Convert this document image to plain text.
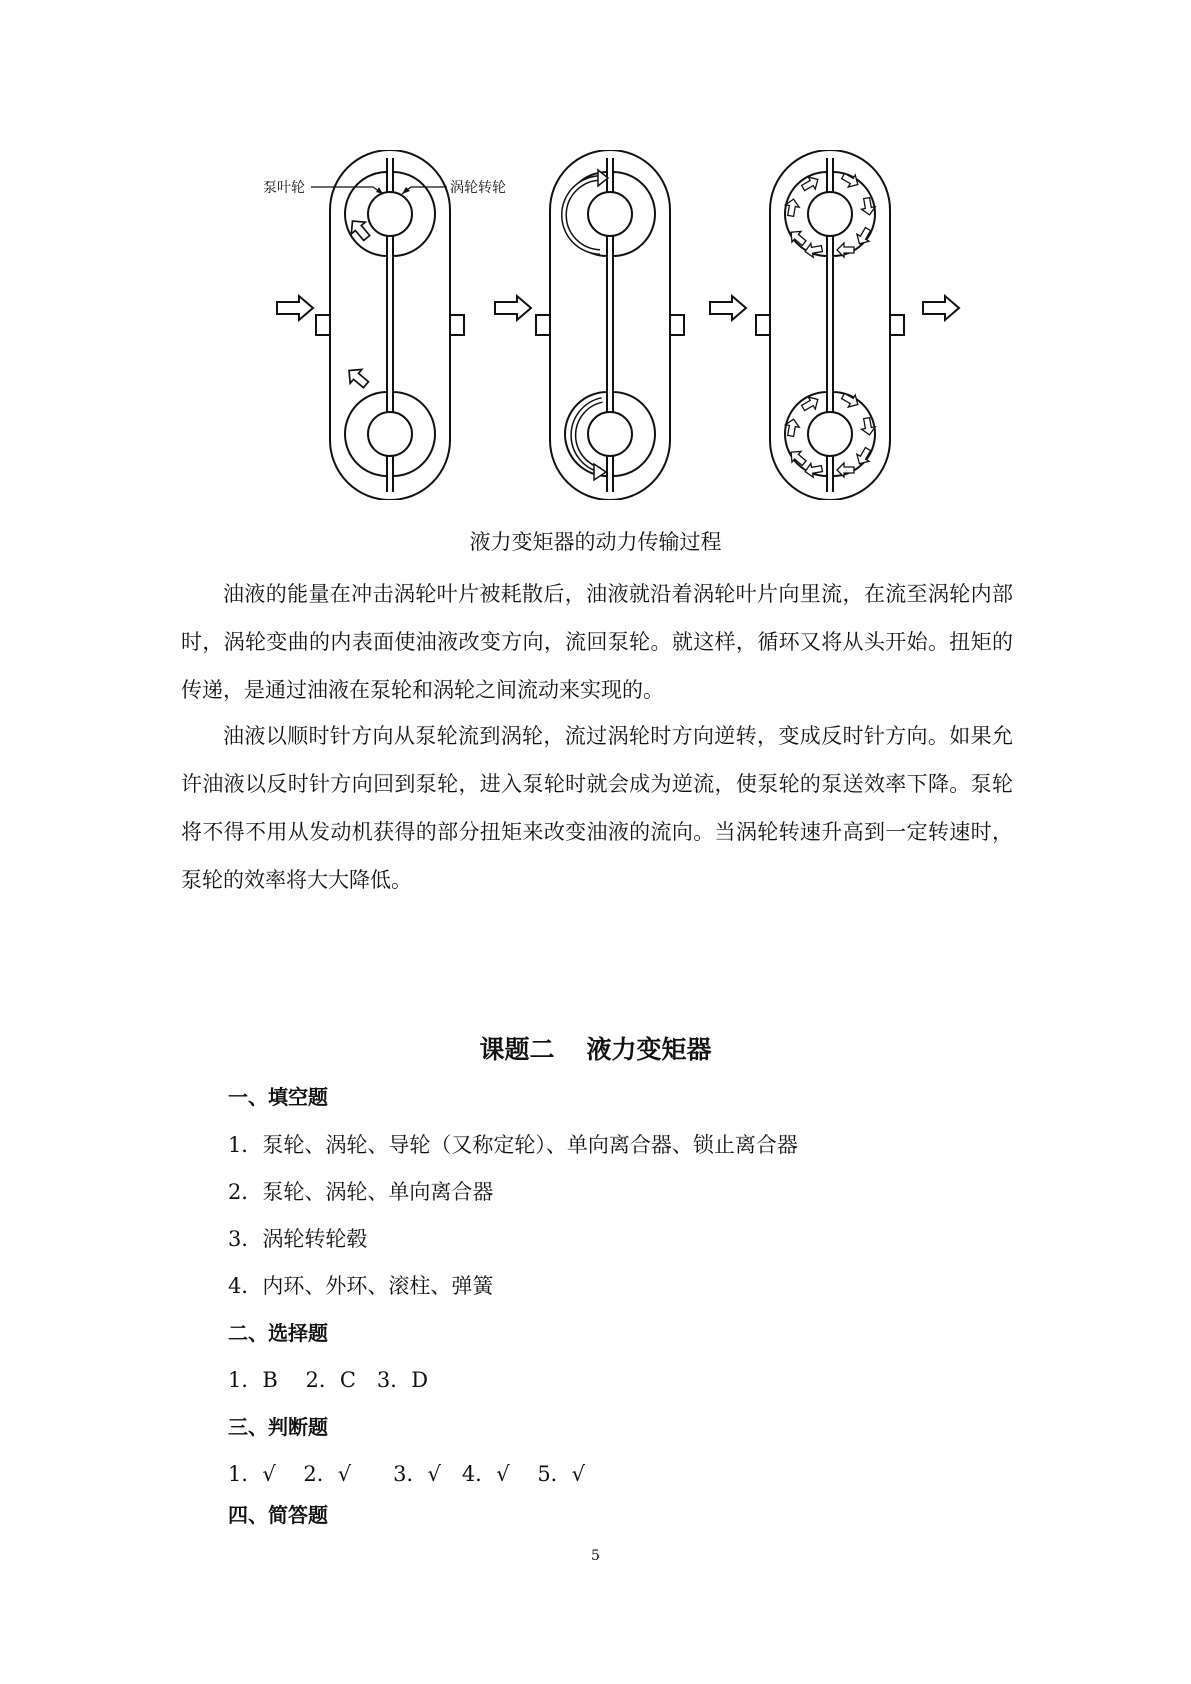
泵叶轮	涡轮转轮
液力变矩器的动力传输过程

油液的能量在冲击涡轮叶片被耗散后，油液就沿着涡轮叶片向里流，在流至涡轮内部时，涡轮变曲的内表面使油液改变方向，流回泵轮。就这样，循环又将从头开始。扭矩的传递，是通过油液在泵轮和涡轮之间流动来实现的。

油液以顺时针方向从泵轮流到涡轮，流过涡轮时方向逆转，变成反时针方向。如果允许油液以反时针方向回到泵轮，进入泵轮时就会成为逆流，使泵轮的泵送效率下降。泵轮将不得不用从发动机获得的部分扭矩来改变油液的流向。当涡轮转速升高到一定转速时，泵轮的效率将大大降低。

课题二 液力变矩器
一、填空题
1．泵轮、涡轮、导轮（又称定轮）、单向离合器、锁止离合器
2．泵轮、涡轮、单向离合器
3．涡轮转轮毂
4．内环、外环、滚柱、弹簧
二、选择题
1．B　 2．C　3．D
三、判断题
1．√　 2．√　　3．√　4．√　 5．√
四、简答题
5
